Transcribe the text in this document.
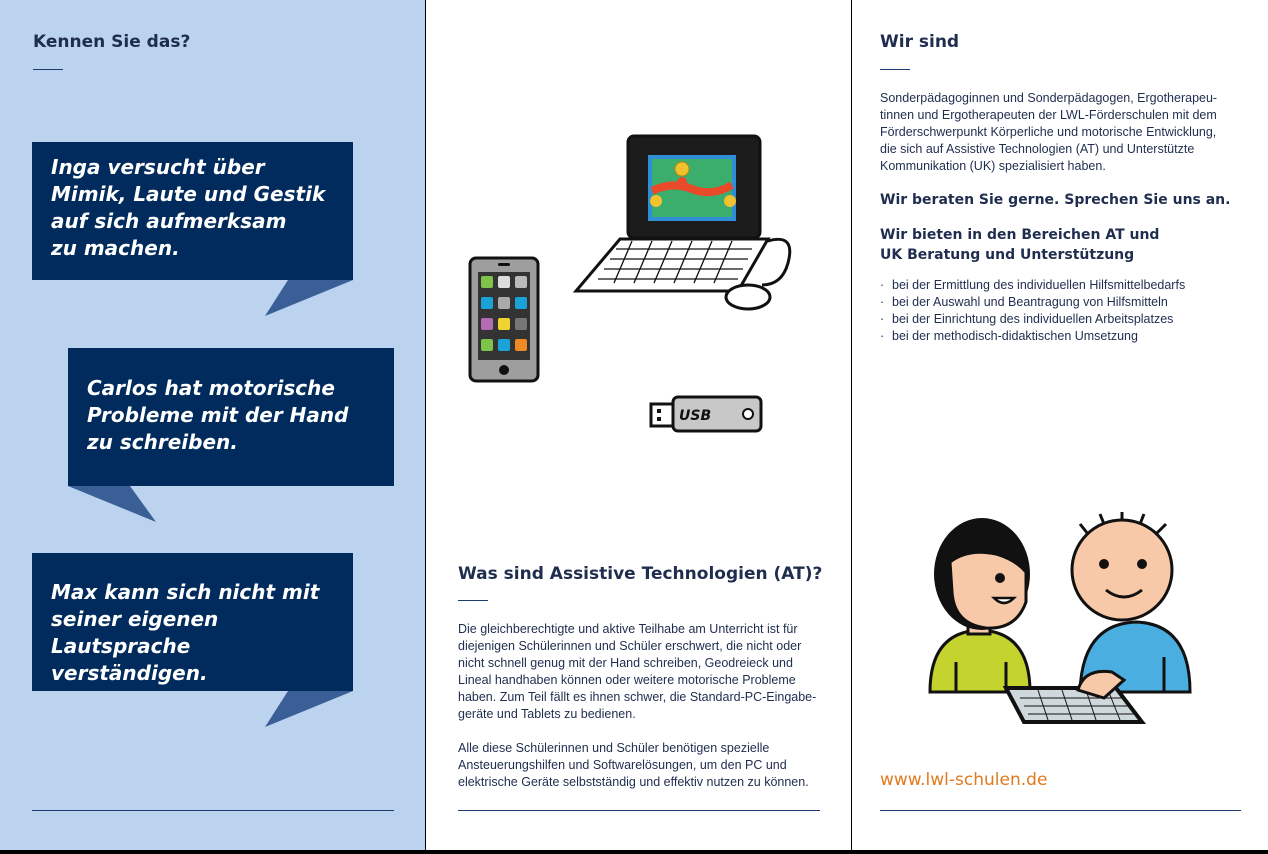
Kennen Sie das?
Inga versucht über
Mimik, Laute und Gestik
auf sich aufmerksam
zu machen.
Carlos hat motorische
Probleme mit der Hand
zu schreiben.
Max kann sich nicht mit
seiner eigenen Lautsprache
verständigen.
USB
Was sind Assistive Technologien (AT)?

Die gleichberechtigte und aktive Teilhabe am Unterricht ist für diejenigen Schülerinnen und Schüler erschwert, die nicht oder nicht schnell genug mit der Hand schreiben, Geodreieck und Lineal handhaben können oder weitere motorische Probleme haben. Zum Teil fällt es ihnen schwer, die Standard-PC-Eingabe-geräte und Tablets zu bedienen.

Alle diese Schülerinnen und Schüler benötigen spezielle Ansteuerungshilfen und Softwarelösungen, um den PC und elektrische Geräte selbstständig und effektiv nutzen zu können.

Wir sind

Sonderpädagoginnen und Sonderpädagogen, Ergotherapeu-tinnen und Ergotherapeuten der LWL-Förderschulen mit dem Förderschwerpunkt Körperliche und motorische Entwicklung, die sich auf Assistive Technologien (AT) und Unterstützte Kommunikation (UK) spezialisiert haben.

Wir beraten Sie gerne. Sprechen Sie uns an.

Wir bieten in den Bereichen AT und UK Beratung und Unterstützung

· bei der Ermittlung des individuellen Hilfsmittelbedarfs
· bei der Auswahl und Beantragung von Hilfsmitteln
· bei der Einrichtung des individuellen Arbeitsplatzes
· bei der methodisch-didaktischen Umsetzung
www.lwl-schulen.de
